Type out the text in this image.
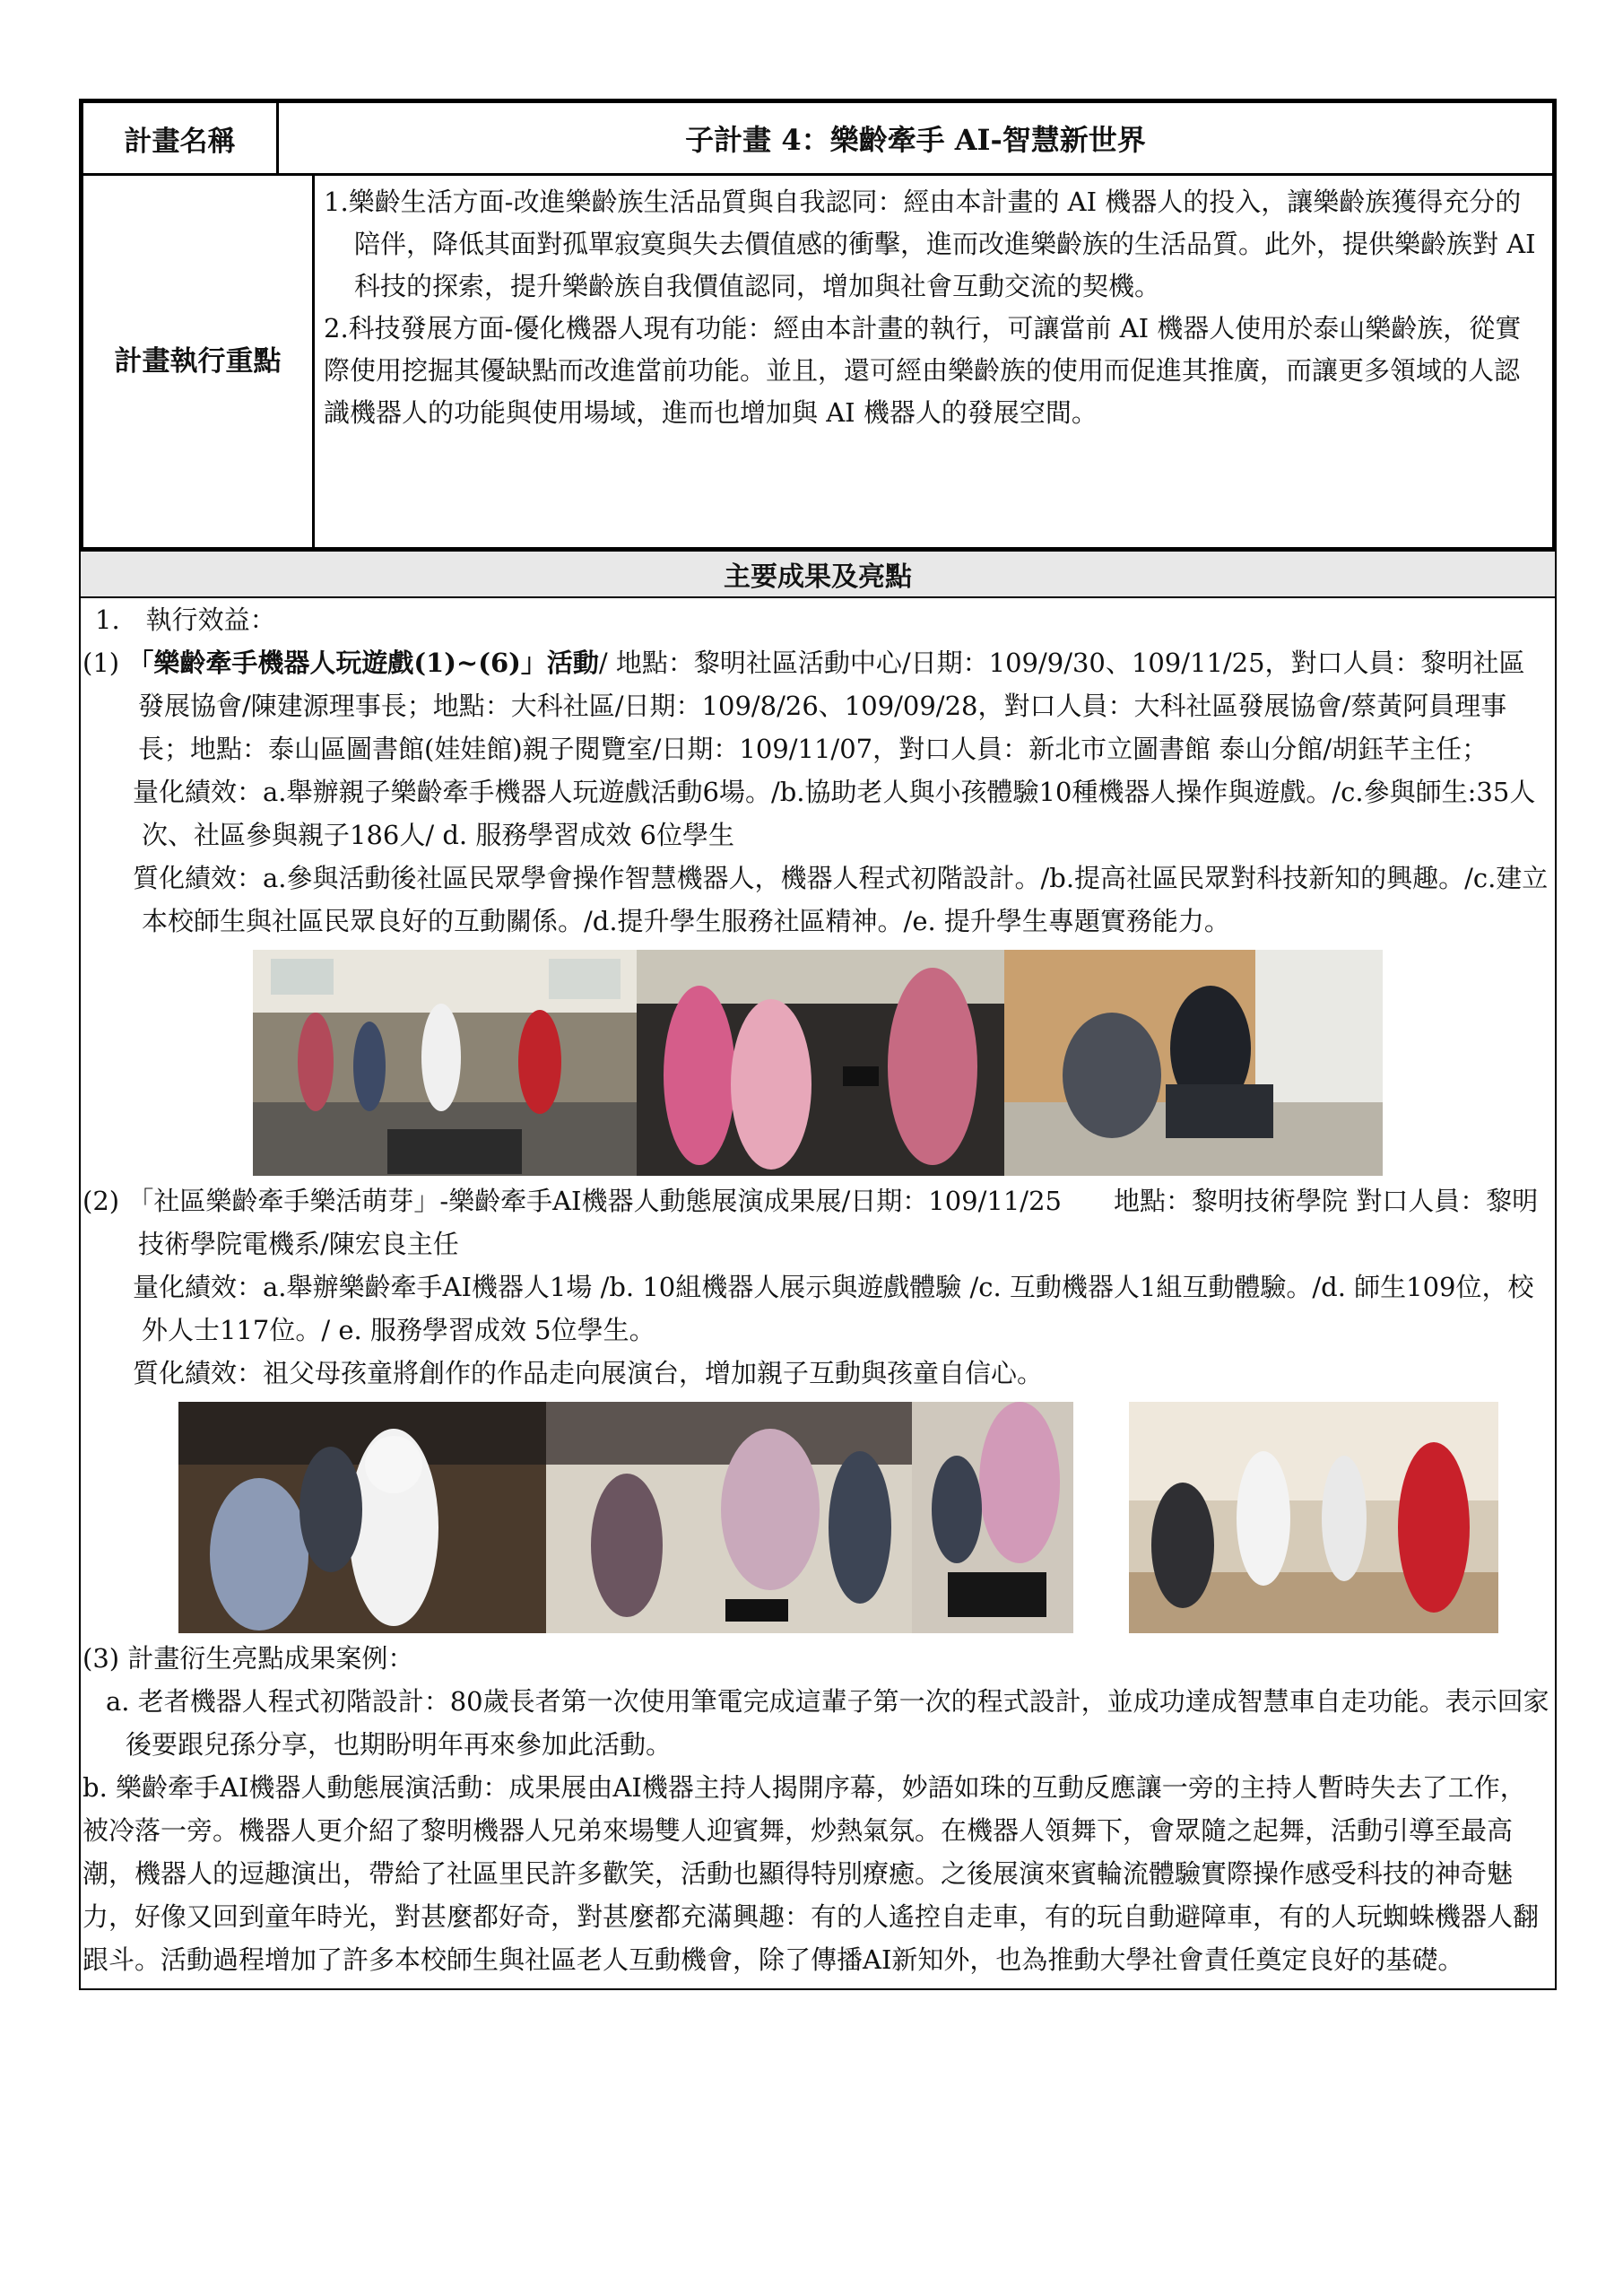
計畫名稱	子計畫 4：樂齡牽手 AI-智慧新世界
計畫執行重點
1.樂齡生活方面-改進樂齡族生活品質與自我認同：經由本計畫的 AI 機器人的投入，讓樂齡族獲得充分的陪伴，降低其面對孤單寂寞與失去價值感的衝擊，進而改進樂齡族的生活品質。此外，提供樂齡族對 AI 科技的探索，提升樂齡族自我價值認同，增加與社會互動交流的契機。
2.科技發展方面-優化機器人現有功能：經由本計畫的執行，可讓當前 AI 機器人使用於泰山樂齡族，從實際使用挖掘其優缺點而改進當前功能。並且，還可經由樂齡族的使用而促進其推廣，而讓更多領域的人認識機器人的功能與使用場域，進而也增加與 AI 機器人的發展空間。
主要成果及亮點

1.　執行效益：

(1) 「樂齡牽手機器人玩遊戲(1)~(6)」活動/ 地點：黎明社區活動中心/日期：109/9/30、109/11/25，對口人員：黎明社區發展協會/陳建源理事長；地點：大科社區/日期：109/8/26、109/09/28，對口人員：大科社區發展協會/蔡黃阿員理事長；地點：泰山區圖書館(娃娃館)親子閱覽室/日期：109/11/07，對口人員：新北市立圖書館 泰山分館/胡鈺芊主任；

量化績效：a.舉辦親子樂齡牽手機器人玩遊戲活動6場。/b.協助老人與小孩體驗10種機器人操作與遊戲。/c.參與師生:35人次、社區參與親子186人/ d. 服務學習成效 6位學生

質化績效：a.參與活動後社區民眾學會操作智慧機器人，機器人程式初階設計。/b.提高社區民眾對科技新知的興趣。/c.建立本校師生與社區民眾良好的互動關係。/d.提升學生服務社區精神。/e. 提升學生專題實務能力。

(2) 「社區樂齡牽手樂活萌芽」-樂齡牽手AI機器人動態展演成果展/日期：109/11/25　　地點：黎明技術學院 對口人員：黎明技術學院電機系/陳宏良主任

量化績效：a.舉辦樂齡牽手AI機器人1場 /b. 10組機器人展示與遊戲體驗 /c. 互動機器人1組互動體驗。/d. 師生109位，校外人士117位。/ e. 服務學習成效 5位學生。

質化績效：祖父母孩童將創作的作品走向展演台，增加親子互動與孩童自信心。

(3) 計畫衍生亮點成果案例：

a. 老者機器人程式初階設計：80歲長者第一次使用筆電完成這輩子第一次的程式設計，並成功達成智慧車自走功能。表示回家後要跟兒孫分享，也期盼明年再來參加此活動。

b. 樂齡牽手AI機器人動態展演活動：成果展由AI機器主持人揭開序幕，妙語如珠的互動反應讓一旁的主持人暫時失去了工作，被冷落一旁。機器人更介紹了黎明機器人兄弟來場雙人迎賓舞，炒熱氣氛。在機器人領舞下，會眾隨之起舞，活動引導至最高潮，機器人的逗趣演出，帶給了社區里民許多歡笑，活動也顯得特別療癒。之後展演來賓輪流體驗實際操作感受科技的神奇魅力，好像又回到童年時光，對甚麼都好奇，對甚麼都充滿興趣：有的人遙控自走車，有的玩自動避障車，有的人玩蜘蛛機器人翻跟斗。活動過程增加了許多本校師生與社區老人互動機會，除了傳播AI新知外，也為推動大學社會責任奠定良好的基礎。
